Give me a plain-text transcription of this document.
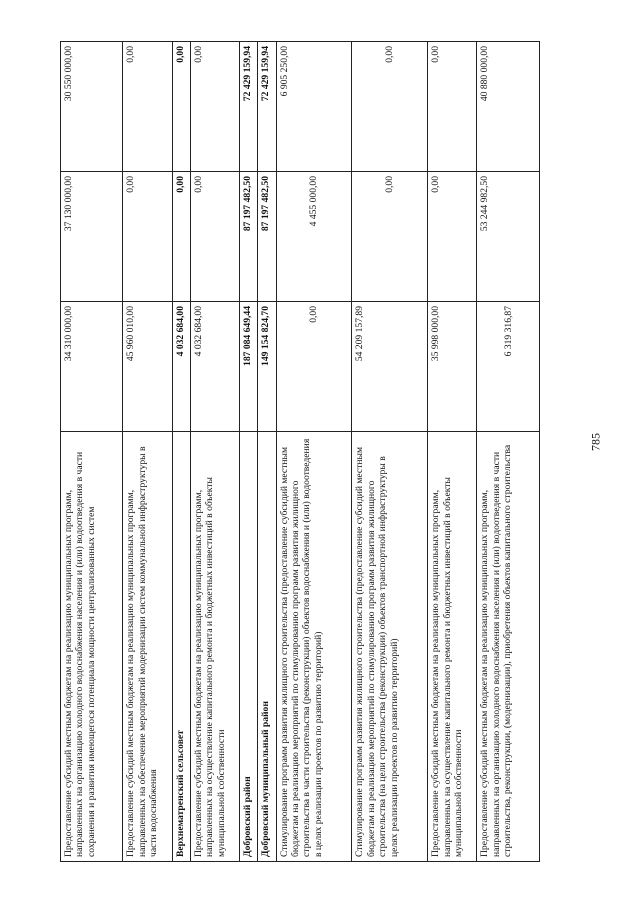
785
Предоставление субсидий местным бюджетам на реализацию муниципальных программ, направленных на организацию холодного водоснабжения населения и (или) водоотведения в части сохранения и развития имеющегося потенциала мощности централизованных систем	34 310 000,00	37 130 000,00	30 550 000,00
Предоставление субсидий местным бюджетам на реализацию муниципальных программ, направленных на обеспечение мероприятий модернизации систем коммунальной инфраструктуры в части водоснабжения	45 960 010,00	0,00	0,00
Верхнематренский сельсовет	4 032 684,00	0,00	0,00
Предоставление субсидий местным бюджетам на реализацию муниципальных программ, направленных на осуществление капитального ремонта и бюджетных инвестиций в объекты муниципальной собственности	4 032 684,00	0,00	0,00
Добровский район	187 084 649,44	87 197 482,50	72 429 159,94
Добровский муниципальный район	149 154 824,70	87 197 482,50	72 429 159,94
Стимулирование программ развития жилищного строительства (предоставление субсидий местным бюджетам на реализацию мероприятий по стимулированию программ развития жилищного строительства в части строительства (реконструкции) объектов водоснабжения и (или) водоотведения в целях реализации проектов по развитию территорий)	0,00	4 455 000,00	6 905 250,00
Стимулирование программ развития жилищного строительства (предоставление субсидий местным бюджетам на реализацию мероприятий по стимулированию программ развития жилищного строительства (на цели строительства (реконструкции) объектов транспортной инфраструктуры в целях реализации проектов по развитию территорий)	54 209 157,89	0,00	0,00
Предоставление субсидий местным бюджетам на реализацию муниципальных программ, направленных на осуществление капитального ремонта и бюджетных инвестиций в объекты муниципальной собственности	35 998 000,00	0,00	0,00
Предоставление субсидий местным бюджетам на реализацию муниципальных программ, направленных на организацию холодного водоснабжения населения и (или) водоотведения в части строительства, реконструкции, (модернизации), приобретения объектов капитального строительства	6 319 316,87	53 244 982,50	40 880 000,00
